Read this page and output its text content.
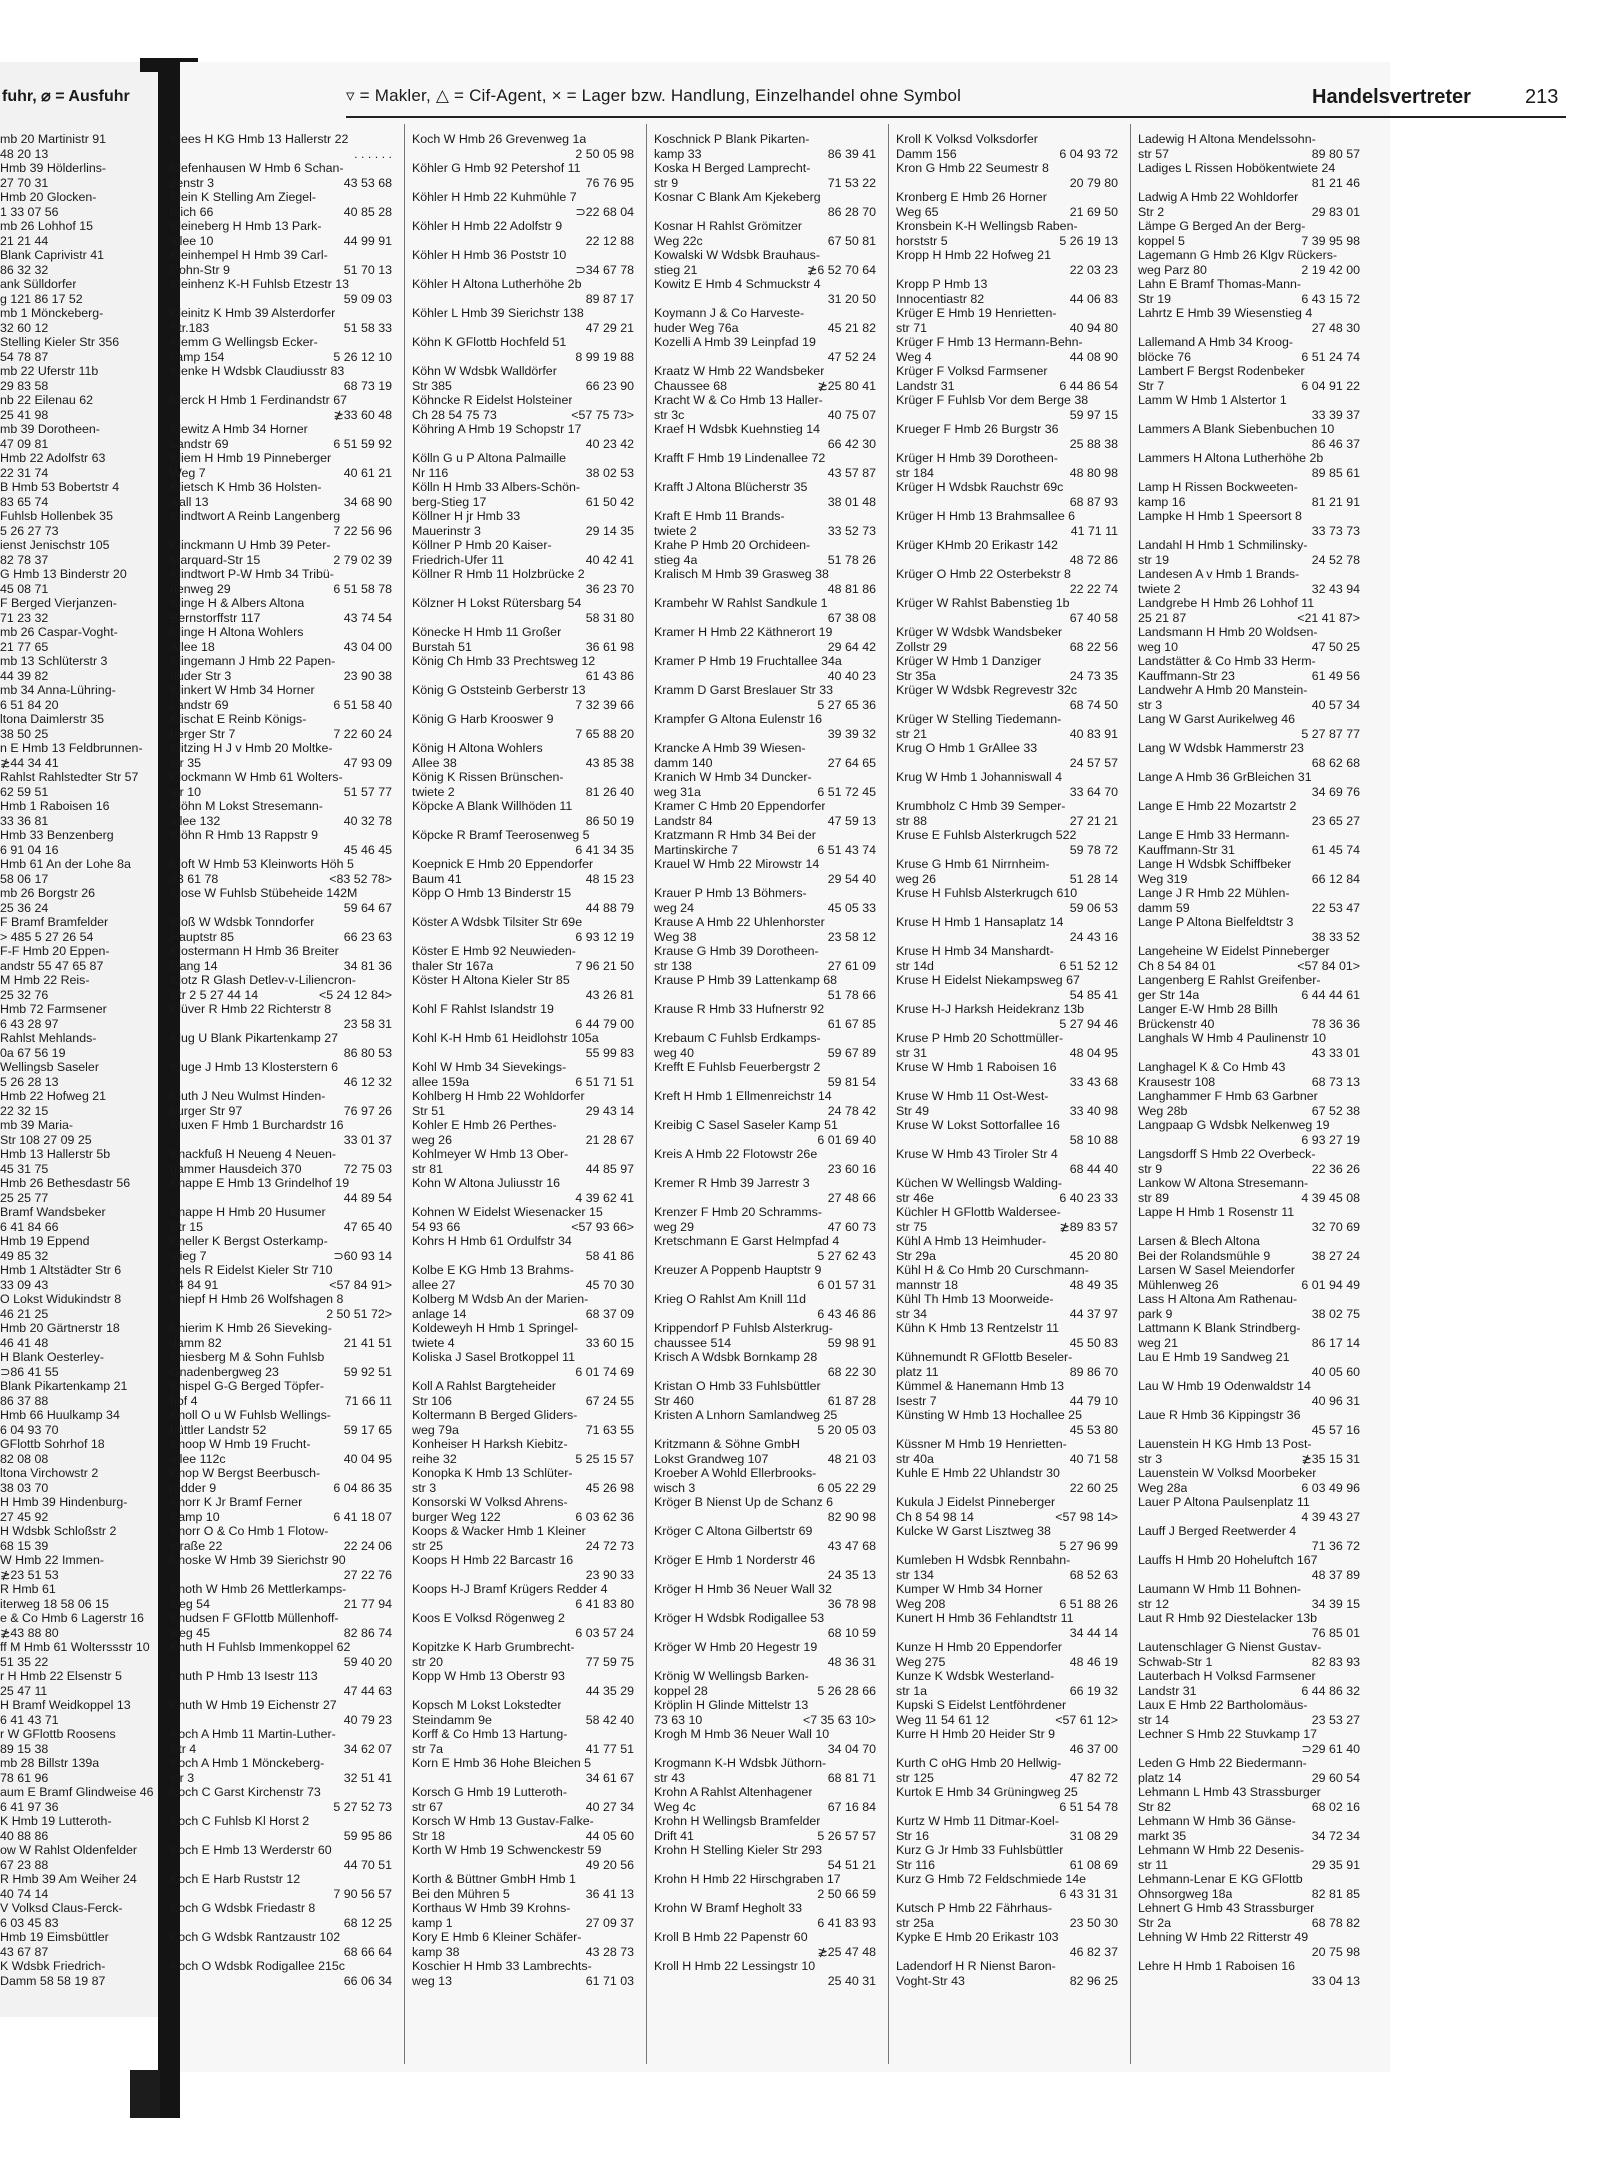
fuhr, ⌀ = Ausfuhr
mb 20 Martinistr 91
48 20 13
Hmb 39 Hölderlins-
27 70 31
Hmb 20 Glocken-
1 33 07 56
mb 26 Lohhof 15
21 21 44
Blank Caprivistr 41
86 32 32
ank Sülldorfer
g 121 86 17 52
mb 1 Mönckeberg-
32 60 12
Stelling Kieler Str 356
54 78 87
mb 22 Uferstr 11b
29 83 58
nb 22 Eilenau 62
25 41 98
mb 39 Dorotheen-
47 09 81
Hmb 22 Adolfstr 63
22 31 74
B Hmb 53 Bobertstr 4
83 65 74
Fuhlsb Hollenbek 35
5 26 27 73
ienst Jenischstr 105
82 78 37
G Hmb 13 Binderstr 20
45 08 71
F Berged Vierjanzen-
71 23 32
mb 26 Caspar-Voght-
21 77 65
mb 13 Schlüterstr 3
44 39 82
mb 34 Anna-Lühring-
6 51 84 20
ltona Daimlerstr 35
38 50 25
n E Hmb 13 Feldbrunnen-
≵44 34 41
Rahlst Rahlstedter Str 57
62 59 51
Hmb 1 Raboisen 16
33 36 81
Hmb 33 Benzenberg
6 91 04 16
Hmb 61 An der Lohe 8a
58 06 17
mb 26 Borgstr 26
25 36 24
F Bramf Bramfelder
> 485 5 27 26 54
F-F Hmb 20 Eppen-
andstr 55 47 65 87
M Hmb 22 Reis-
25 32 76
Hmb 72 Farmsener
6 43 28 97
Rahlst Mehlands-
0a 67 56 19
Wellingsb Saseler
5 26 28 13
Hmb 22 Hofweg 21
22 32 15
mb 39 Maria-
Str 108 27 09 25
Hmb 13 Hallerstr 5b
45 31 75
Hmb 26 Bethesdastr 56
25 25 77
Bramf Wandsbeker
6 41 84 66
Hmb 19 Eppend
49 85 32
Hmb 1 Altstädter Str 6
33 09 43
O Lokst Widukindstr 8
46 21 25
Hmb 20 Gärtnerstr 18
46 41 48
H Blank Oesterley-
⊃86 41 55
Blank Pikartenkamp 21
86 37 88
Hmb 66 Huulkamp 34
6 04 93 70
GFlottb Sohrhof 18
82 08 08
ltona Virchowstr 2
38 03 70
H Hmb 39 Hindenburg-
27 45 92
H Wdsbk Schloßstr 2
68 15 39
W Hmb 22 Immen-
≵23 51 53
R Hmb 61
iterweg 18 58 06 15
e & Co Hmb 6 Lagerstr 16
≵43 88 80
ff M Hmb 61 Wolterssstr 10
51 35 22
r H Hmb 22 Elsenstr 5
25 47 11
H Bramf Weidkoppel 13
6 41 43 71
r W GFlottb Roosens
89 15 38
mb 28 Billstr 139a
78 61 96
aum E Bramf Glindweise 46
6 41 97 36
K Hmb 19 Lutteroth-
40 88 86
ow W Rahlst Oldenfelder
67 23 88
R Hmb 39 Am Weiher 24
40 74 14
V Volksd Claus-Ferck-
6 03 45 83
Hmb 19 Eimsbüttler
43 67 87
K Wdsbk Friedrich-
Damm 58 58 19 87
▿ = Makler, △ = Cif-Agent, × = Lager bzw. Handlung, Einzelhandel ohne Symbol	Handelsvertreter	213
Klees H KG Hmb 13 Hallerstr 22
. . . . . .
Klefenhausen W Hmb 6 Schan-
zenstr 3	43 53 68
Klein K Stelling Am Ziegel-
teich 66	40 85 28
Kleineberg H Hmb 13 Park-
allee 10	44 99 91
Kleinhempel H Hmb 39 Carl-
Cohn-Str 9	51 70 13
Kleinhenz K-H Fuhlsb Etzestr 13
59 09 03
Kleinitz K Hmb 39 Alsterdorfer
Str.183	51 58 33
Klemm G Wellingsb Ecker-
kamp 154	5 26 12 10
Klenke H Wdsbk Claudiusstr 83
68 73 19
Klerck H Hmb 1 Ferdinandstr 67
≵33 60 48
Klewitz A Hmb 34 Horner
Landstr 69	6 51 59 92
Kliem H Hmb 19 Pinneberger
Weg 7	40 61 21
Klietsch K Hmb 36 Holsten-
wall 13	34 68 90
Klindtwort A Reinb Langenberg
7 22 56 96
Klinckmann U Hmb 39 Peter-
Marquard-Str 15	2 79 02 39
Klindtwort P-W Hmb 34 Tribü-
nenweg 29	6 51 58 78
Klinge H & Albers Altona
Bernstorffstr 117	43 74 54
Klinge H Altona Wohlers
Allee 18	43 04 00
Klingemann J Hmb 22 Papen-
huder Str 3	23 90 38
Klinkert W Hmb 34 Horner
Landstr 69	6 51 58 40
Klischat E Reinb Königs-
berger Str 7	7 22 60 24
Klitzing H J v Hmb 20 Moltke-
str 35	47 93 09
Klockmann W Hmb 61 Wolters-
str 10	51 57 77
Klöhn M Lokst Stresemann-
allee 132	40 32 78
Klöhn R Hmb 13 Rappstr 9
45 46 45
Kloft W Hmb 53 Kleinworts Höh 5
83 61 78	<83 52 78>
Klose W Fuhlsb Stübeheide 142M
59 64 67
Kloß W Wdsbk Tonndorfer
Hauptstr 85	66 23 63
Klostermann H Hmb 36 Breiter
Gang 14	34 81 36
Klotz R Glash Detlev-v-Liliencron-
Str 2 5 27 44 14	<5 24 12 84>
Klüver R Hmb 22 Richterstr 8
23 58 31
Klug U Blank Pikartenkamp 27
86 80 53
Kluge J Hmb 13 Klosterstern 6
46 12 32
Kluth J Neu Wulmst Hinden-
burger Str 97	76 97 26
Kluxen F Hmb 1 Burchardstr 16
33 01 37
Knackfuß H Neueng 4 Neuen-
gammer Hausdeich 370	72 75 03
Knappe E Hmb 13 Grindelhof 19
44 89 54
Knappe H Hmb 20 Husumer
Str 15	47 65 40
Kneller K Bergst Osterkamp-
stieg 7	⊃60 93 14
Knels R Eidelst Kieler Str 710
54 84 91	<57 84 91>
Kniepf H Hmb 26 Wolfshagen 8
2 50 51 72>
Knierim K Hmb 26 Sieveking-
damm 82	21 41 51
Kniesberg M & Sohn Fuhlsb
Gnadenbergweg 23	59 92 51
Knispel G-G Berged Töpfer-
hof 4	71 66 11
Knoll O u W Fuhlsb Wellings-
büttler Landstr 52	59 17 65
Knoop W Hmb 19 Frucht-
allee 112c	40 04 95
Knop W Bergst Beerbusch-
redder 9	6 04 86 35
Knorr K Jr Bramf Ferner
Kamp 10	6 41 18 07
Knorr O & Co Hmb 1 Flotow-
straße 22	22 24 06
Knoske W Hmb 39 Sierichstr 90
27 22 76
Knoth W Hmb 26 Mettlerkamps-
weg 54	21 77 94
Knudsen F GFlottb Müllenhoff-
weg 45	82 86 74
Knuth H Fuhlsb Immenkoppel 62
59 40 20
Knuth P Hmb 13 Isestr 113
47 44 63
Knuth W Hmb 19 Eichenstr 27
40 79 23
Koch A Hmb 11 Martin-Luther-
Str 4	34 62 07
Koch A Hmb 1 Mönckeberg-
str 3	32 51 41
Koch C Garst Kirchenstr 73
5 27 52 73
Koch C Fuhlsb Kl Horst 2
59 95 86
Koch E Hmb 13 Werderstr 60
44 70 51
Koch E Harb Ruststr 12
7 90 56 57
Koch G Wdsbk Friedastr 8
68 12 25
Koch G Wdsbk Rantzaustr 102
68 66 64
Koch O Wdsbk Rodigallee 215c
66 06 34
Koch W Hmb 26 Grevenweg 1a
2 50 05 98
Köhler G Hmb 92 Petershof 11
76 76 95
Köhler H Hmb 22 Kuhmühle 7
⊃22 68 04
Köhler H Hmb 22 Adolfstr 9
22 12 88
Köhler H Hmb 36 Poststr 10
⊃34 67 78
Köhler H Altona Lutherhöhe 2b
89 87 17
Köhler L Hmb 39 Sierichstr 138
47 29 21
Köhn K GFlottb Hochfeld 51
8 99 19 88
Köhn W Wdsbk Walldörfer
Str 385	66 23 90
Köhncke R Eidelst Holsteiner
Ch 28 54 75 73	<57 75 73>
Köhring A Hmb 19 Schopstr 17
40 23 42
Kölln G u P Altona Palmaille
Nr 116	38 02 53
Kölln H Hmb 33 Albers-Schön-
berg-Stieg 17	61 50 42
Köllner H jr Hmb 33
Mauerinstr 3	29 14 35
Köllner P Hmb 20 Kaiser-
Friedrich-Ufer 11	40 42 41
Köllner R Hmb 11 Holzbrücke 2
36 23 70
Kölzner H Lokst Rütersbarg 54
58 31 80
Könecke H Hmb 11 Großer
Burstah 51	36 61 98
König Ch Hmb 33 Prechtsweg 12
61 43 86
König G Oststeinb Gerberstr 13
7 32 39 66
König G Harb Krooswег 9
7 65 88 20
König H Altona Wohlers
Allee 38	43 85 38
König K Rissen Brünschen-
twiete 2	81 26 40
Köpcke A Blank Willhöden 11
86 50 19
Köpcke R Bramf Teerosenweg 5
6 41 34 35
Koepnick E Hmb 20 Eppendorfer
Baum 41	48 15 23
Köpp O Hmb 13 Binderstr 15
44 88 79
Köster A Wdsbk Tilsiter Str 69e
6 93 12 19
Köster E Hmb 92 Neuwieden-
thaler Str 167a	7 96 21 50
Köster H Altona Kieler Str 85
43 26 81
Kohl F Rahlst Islandstr 19
6 44 79 00
Kohl K-H Hmb 61 Heidlohstr 105a
55 99 83
Kohl W Hmb 34 Sievekings-
allee 159a	6 51 71 51
Kohlberg H Hmb 22 Wohldorfer
Str 51	29 43 14
Kohler E Hmb 26 Perthes-
weg 26	21 28 67
Kohlmeyer W Hmb 13 Ober-
str 81	44 85 97
Kohn W Altona Juliusstr 16
4 39 62 41
Kohnen W Eidelst Wiesenacker 15
54 93 66	<57 93 66>
Kohrs H Hmb 61 Ordulfstr 34
58 41 86
Kolbe E KG Hmb 13 Brahms-
allee 27	45 70 30
Kolberg M Wdsb An der Marien-
anlage 14	68 37 09
Koldeweyh H Hmb 1 Springel-
twiete 4	33 60 15
Koliska J Sasel Brotkoppel 11
6 01 74 69
Koll A Rahlst Bargteheider
Str 106	67 24 55
Koltermann B Berged Gliders-
weg 79a	71 63 55
Konheiser H Harksh Kiebitz-
reihe 32	5 25 15 57
Konopka K Hmb 13 Schlüter-
str 3	45 26 98
Konsorski W Volksd Ahrens-
burger Weg 122	6 03 62 36
Koops & Wacker Hmb 1 Kleiner
str 25	24 72 73
Koops H Hmb 22 Barcastr 16
23 90 33
Koops H-J Bramf Krügers Redder 4
6 41 83 80
Koos E Volksd Rögenweg 2
6 03 57 24
Kopitzke K Harb Grumbrecht-
str 20	77 59 75
Kopp W Hmb 13 Oberstr 93
44 35 29
Kopsch M Lokst Lokstedter
Steindamm 9e	58 42 40
Korff & Co Hmb 13 Hartung-
str 7a	41 77 51
Korn E Hmb 36 Hohe Bleichen 5
34 61 67
Korsch G Hmb 19 Lutteroth-
str 67	40 27 34
Korsch W Hmb 13 Gustav-Falke-
Str 18	44 05 60
Korth W Hmb 19 Schwenckestr 59
49 20 56
Korth & Büttner GmbH Hmb 1
Bei den Mühren 5	36 41 13
Korthaus W Hmb 39 Krohns-
kamp 1	27 09 37
Kory E Hmb 6 Kleiner Schäfer-
kamp 38	43 28 73
Koschier H Hmb 33 Lambrechts-
weg 13	61 71 03
Koschnick P Blank Pikarten-
kamp 33	86 39 41
Koska H Berged Lamprecht-
str 9	71 53 22
Kosnar C Blank Am Kjekeberg
86 28 70
Kosnar H Rahlst Grömitzer
Weg 22c	67 50 81
Kowalski W Wdsbk Brauhaus-
stieg 21	≵6 52 70 64
Kowitz E Hmb 4 Schmuckstr 4
31 20 50
Koymann J & Co Harveste-
huder Weg 76a	45 21 82
Kozelli A Hmb 39 Leinpfad 19
47 52 24
Kraatz W Hmb 22 Wandsbeker
Chaussee 68	≵25 80 41
Kracht W & Co Hmb 13 Haller-
str 3c	40 75 07
Kraef H Wdsbk Kuehnstieg 14
66 42 30
Krafft F Hmb 19 Lindenallee 72
43 57 87
Krafft J Altona Blücherstr 35
38 01 48
Kraft E Hmb 11 Brands-
twiete 2	33 52 73
Krahe P Hmb 20 Orchideen-
stieg 4a	51 78 26
Kralisch M Hmb 39 Grasweg 38
48 81 86
Krambehr W Rahlst Sandkule 1
67 38 08
Kramer H Hmb 22 Käthnerort 19
29 64 42
Kramer P Hmb 19 Fruchtallee 34a
40 40 23
Kramm D Garst Breslauer Str 33
5 27 65 36
Krampfer G Altona Eulenstr 16
39 39 32
Krancke A Hmb 39 Wiesen-
damm 140	27 64 65
Kranich W Hmb 34 Duncker-
weg 31a	6 51 72 45
Kramer C Hmb 20 Eppendorfer
Landstr 84	47 59 13
Kratzmann R Hmb 34 Bei der
Martinskirche 7	6 51 43 74
Krauel W Hmb 22 Mirowstr 14
29 54 40
Krauer P Hmb 13 Böhmers-
weg 24	45 05 33
Krause A Hmb 22 Uhlenhorster
Weg 38	23 58 12
Krause G Hmb 39 Dorotheen-
str 138	27 61 09
Krause P Hmb 39 Lattenkamp 68
51 78 66
Krause R Hmb 33 Hufnerstr 92
61 67 85
Krebaum C Fuhlsb Erdkamps-
weg 40	59 67 89
Krefft E Fuhlsb Feuerbergstr 2
59 81 54
Kreft H Hmb 1 Ellmenreichstr 14
24 78 42
Kreibig C Sasel Saseler Kamp 51
6 01 69 40
Kreis A Hmb 22 Flotowstr 26e
23 60 16
Kremer R Hmb 39 Jarrestr 3
27 48 66
Krenzer F Hmb 20 Schramms-
weg 29	47 60 73
Kretschmann E Garst Helmpfad 4
5 27 62 43
Kreuzer A Poppenb Hauptstr 9
6 01 57 31
Krieg O Rahlst Am Knill 11d
6 43 46 86
Krippendorf P Fuhlsb Alsterkrug-
chaussee 514	59 98 91
Krisch A Wdsbk Bornkamp 28
68 22 30
Kristan O Hmb 33 Fuhlsbüttler
Str 460	61 87 28
Kristen A Lnhorn Samlandweg 25
5 20 05 03
Kritzmann & Söhne GmbH
Lokst Grandweg 107	48 21 03
Kroeber A Wohld Ellerbrooks-
wisch 3	6 05 22 29
Kröger B Nienst Up de Schanz 6
82 90 98
Kröger C Altona Gilbertstr 69
43 47 68
Kröger E Hmb 1 Norderstr 46
24 35 13
Kröger H Hmb 36 Neuer Wall 32
36 78 98
Kröger H Wdsbk Rodigallee 53
68 10 59
Kröger W Hmb 20 Hegestr 19
48 36 31
Krönig W Wellingsb Barken-
koppel 28	5 26 28 66
Kröplin H Glinde Mittelstr 13
73 63 10	<7 35 63 10>
Krogh M Hmb 36 Neuer Wall 10
34 04 70
Krogmann K-H Wdsbk Jüthorn-
str 43	68 81 71
Krohn A Rahlst Altenhagener
Weg 4c	67 16 84
Krohn H Wellingsb Bramfelder
Drift 41	5 26 57 57
Krohn H Stelling Kieler Str 293
54 51 21
Krohn H Hmb 22 Hirschgraben 17
2 50 66 59
Krohn W Bramf Hegholt 33
6 41 83 93
Kroll B Hmb 22 Papenstr 60
≵25 47 48
Kroll H Hmb 22 Lessingstr 10
25 40 31
Kroll K Volksd Volksdorfer
Damm 156	6 04 93 72
Kron G Hmb 22 Seumestr 8
20 79 80
Kronberg E Hmb 26 Horner
Weg 65	21 69 50
Kronsbein K-H Wellingsb Raben-
horststr 5	5 26 19 13
Kropp H Hmb 22 Hofweg 21
22 03 23
Kropp P Hmb 13
Innocentiastr 82	44 06 83
Krüger E Hmb 19 Henrietten-
str 71	40 94 80
Krüger F Hmb 13 Hermann-Behn-
Weg 4	44 08 90
Krüger F Volksd Farmsener
Landstr 31	6 44 86 54
Krüger F Fuhlsb Vor dem Berge 38
59 97 15
Krueger F Hmb 26 Burgstr 36
25 88 38
Krüger H Hmb 39 Dorotheen-
str 184	48 80 98
Krüger H Wdsbk Rauchstr 69c
68 87 93
Krüger H Hmb 13 Brahmsallee 6
41 71 11
Krüger KHmb 20 Erikastr 142
48 72 86
Krüger O Hmb 22 Osterbekstr 8
22 22 74
Krüger W Rahlst Babenstieg 1b
67 40 58
Krüger W Wdsbk Wandsbeker
Zollstr 29	68 22 56
Krüger W Hmb 1 Danziger
Str 35a	24 73 35
Krüger W Wdsbk Regrevestr 32c
68 74 50
Krüger W Stelling Tiedemann-
str 21	40 83 91
Krug O Hmb 1 GrAllee 33
24 57 57
Krug W Hmb 1 Johanniswall 4
33 64 70
Krumbholz C Hmb 39 Semper-
str 88	27 21 21
Kruse E Fuhlsb Alsterkrugch 522
59 78 72
Kruse G Hmb 61 Nirrnheim-
weg 26	51 28 14
Kruse H Fuhlsb Alsterkrugch 610
59 06 53
Kruse H Hmb 1 Hansaplatz 14
24 43 16
Kruse H Hmb 34 Manshardt-
str 14d	6 51 52 12
Kruse H Eidelst Niekampsweg 67
54 85 41
Kruse H-J Harksh Heidekranz 13b
5 27 94 46
Kruse P Hmb 20 Schottmüller-
str 31	48 04 95
Kruse W Hmb 1 Raboisen 16
33 43 68
Kruse W Hmb 11 Ost-West-
Str 49	33 40 98
Kruse W Lokst Sottorfallee 16
58 10 88
Kruse W Hmb 43 Tiroler Str 4
68 44 40
Küchen W Wellingsb Walding-
str 46e	6 40 23 33
Küchler H GFlottb Waldersee-
str 75	≵89 83 57
Kühl A Hmb 13 Heimhuder-
Str 29a	45 20 80
Kühl H & Co Hmb 20 Curschmann-
mannstr 18	48 49 35
Kühl Th Hmb 13 Moorweide-
str 34	44 37 97
Kühn K Hmb 13 Rentzelstr 11
45 50 83
Kühnemundt R GFlottb Beseler-
platz 11	89 86 70
Kümmel & Hanemann Hmb 13
Isestr 7	44 79 10
Künsting W Hmb 13 Hochallee 25
45 53 80
Küssner M Hmb 19 Henrietten-
str 40a	40 71 58
Kuhle E Hmb 22 Uhlandstr 30
22 60 25
Kukula J Eidelst Pinneberger
Ch 8 54 98 14	<57 98 14>
Kulcke W Garst Lisztweg 38
5 27 96 99
Kumleben H Wdsbk Rennbahn-
str 134	68 52 63
Kumper W Hmb 34 Horner
Weg 208	6 51 88 26
Kunert H Hmb 36 Fehlandtstr 11
34 44 14
Kunze H Hmb 20 Eppendorfer
Weg 275	48 46 19
Kunze K Wdsbk Westerland-
str 1a	66 19 32
Kupski S Eidelst Lentföhrdener
Weg 11 54 61 12	<57 61 12>
Kurre H Hmb 20 Heider Str 9
46 37 00
Kurth C oHG Hmb 20 Hellwig-
str 125	47 82 72
Kurtok E Hmb 34 Grüningweg 25
6 51 54 78
Kurtz W Hmb 11 Ditmar-Koel-
Str 16	31 08 29
Kurz G Jr Hmb 33 Fuhlsbüttler
Str 116	61 08 69
Kurz G Hmb 72 Feldschmiede 14e
6 43 31 31
Kutsch P Hmb 22 Fährhaus-
str 25a	23 50 30
Kypke E Hmb 20 Erikastr 103
46 82 37
Ladendorf H R Nienst Baron-
Voght-Str 43	82 96 25
Ladewig H Altona Mendelssohn-
str 57	89 80 57
Ladiges L Rissen Hobökentwiete 24
81 21 46
Ladwig A Hmb 22 Wohldorfer
Str 2	29 83 01
Lämpe G Berged An der Berg-
koppel 5	7 39 95 98
Lagemann G Hmb 26 Klgv Rückers-
weg Parz 80	2 19 42 00
Lahn E Bramf Thomas-Mann-
Str 19	6 43 15 72
Lahrtz E Hmb 39 Wiesenstieg 4
27 48 30
Lallemand A Hmb 34 Kroog-
blöcke 76	6 51 24 74
Lambert F Bergst Rodenbeker
Str 7	6 04 91 22
Lamm W Hmb 1 Alstertor 1
33 39 37
Lammers A Blank Siebenbuchen 10
86 46 37
Lammers H Altona Lutherhöhe 2b
89 85 61
Lamp H Rissen Bockweeten-
kamp 16	81 21 91
Lampke H Hmb 1 Speersort 8
33 73 73
Landahl H Hmb 1 Schmilinsky-
str 19	24 52 78
Landesen A v Hmb 1 Brands-
twiete 2	32 43 94
Landgrebe H Hmb 26 Lohhof 11
25 21 87	<21 41 87>
Landsmann H Hmb 20 Woldsen-
weg 10	47 50 25
Landstätter & Co Hmb 33 Herm-
Kauffmann-Str 23	61 49 56
Landwehr A Hmb 20 Manstein-
str 3	40 57 34
Lang W Garst Aurikelweg 46
5 27 87 77
Lang W Wdsbk Hammerstr 23
68 62 68
Lange A Hmb 36 GrBleichen 31
34 69 76
Lange E Hmb 22 Mozartstr 2
23 65 27
Lange E Hmb 33 Hermann-
Kauffmann-Str 31	61 45 74
Lange H Wdsbk Schiffbeker
Weg 319	66 12 84
Lange J R Hmb 22 Mühlen-
damm 59	22 53 47
Lange P Altona Bielfeldtstr 3
38 33 52
Langeheine W Eidelst Pinneberger
Ch 8 54 84 01	<57 84 01>
Langenberg E Rahlst Greifenber-
ger Str 14a	6 44 44 61
Langer E-W Hmb 28 Billh
Brückenstr 40	78 36 36
Langhals W Hmb 4 Paulinenstr 10
43 33 01
Langhagel K & Co Hmb 43
Krausestr 108	68 73 13
Langhammer F Hmb 63 Garbner
Weg 28b	67 52 38
Langpaap G Wdsbk Nelkenweg 19
6 93 27 19
Langsdorff S Hmb 22 Overbeck-
str 9	22 36 26
Lankow W Altona Stresemann-
str 89	4 39 45 08
Lappe H Hmb 1 Rosenstr 11
32 70 69
Larsen & Blech Altona
Bei der Rolandsmühle 9	38 27 24
Larsen W Sasel Meiendorfer
Mühlenweg 26	6 01 94 49
Lass H Altona Am Rathenau-
park 9	38 02 75
Lattmann K Blank Strindberg-
weg 21	86 17 14
Lau E Hmb 19 Sandweg 21
40 05 60
Lau W Hmb 19 Odenwaldstr 14
40 96 31
Laue R Hmb 36 Kippingstr 36
45 57 16
Lauenstein H KG Hmb 13 Post-
str 3	≵35 15 31
Lauenstein W Volksd Moorbeker
Weg 28a	6 03 49 96
Lauer P Altona Paulsenplatz 11
4 39 43 27
Lauff J Berged Reetwerder 4
71 36 72
Lauffs H Hmb 20 Hoheluftch 167
48 37 89
Laumann W Hmb 11 Bohnen-
str 12	34 39 15
Laut R Hmb 92 Diestelacker 13b
76 85 01
Lautenschlager G Nienst Gustav-
Schwab-Str 1	82 83 93
Lauterbach H Volksd Farmsener
Landstr 31	6 44 86 32
Laux E Hmb 22 Bartholomäus-
str 14	23 53 27
Lechner S Hmb 22 Stuvkamp 17
⊃29 61 40
Leden G Hmb 22 Biedermann-
platz 14	29 60 54
Lehmann L Hmb 43 Strassburger
Str 82	68 02 16
Lehmann W Hmb 36 Gänse-
markt 35	34 72 34
Lehmann W Hmb 22 Desenis-
str 11	29 35 91
Lehmann-Lenar E KG GFlottb
Ohnsorgweg 18a	82 81 85
Lehnert G Hmb 43 Strassburger
Str 2a	68 78 82
Lehning W Hmb 22 Ritterstr 49
20 75 98
Lehre H Hmb 1 Raboisen 16
33 04 13
